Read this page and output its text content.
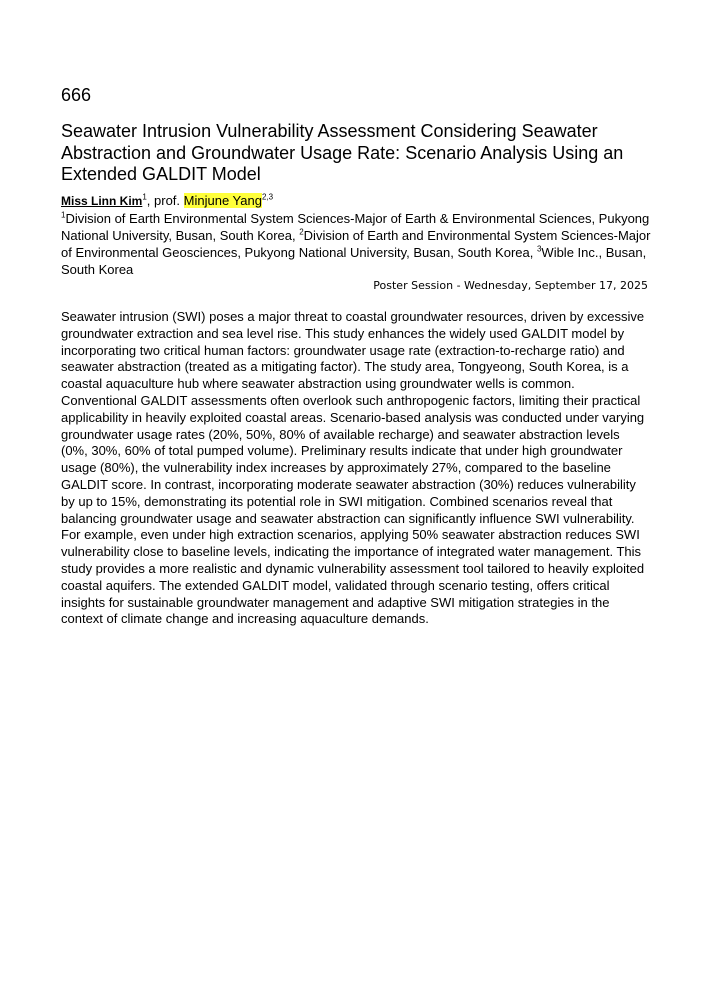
666
Seawater Intrusion Vulnerability Assessment Considering Seawater Abstraction and Groundwater Usage Rate: Scenario Analysis Using an Extended GALDIT Model
Miss Linn Kim$^1$, prof. Minjune Yang$^{2,3}$
$^1$Division of Earth Environmental System Sciences-Major of Earth & Environmental Sciences, Pukyong National University, Busan, South Korea, $^2$Division of Earth and Environmental System Sciences-Major of Environmental Geosciences, Pukyong National University, Busan, South Korea, $^3$Wible Inc., Busan, South Korea
Poster Session - Wednesday, September 17, 2025

Seawater intrusion (SWI) poses a major threat to coastal groundwater resources, driven by excessive groundwater extraction and sea level rise. This study enhances the widely used GALDIT model by incorporating two critical human factors: groundwater usage rate (extraction-to-recharge ratio) and seawater abstraction (treated as a mitigating factor). The study area, Tongyeong, South Korea, is a coastal aquaculture hub where seawater abstraction using groundwater wells is common. Conventional GALDIT assessments often overlook such anthropogenic factors, limiting their practical applicability in heavily exploited coastal areas. Scenario-based analysis was conducted under varying groundwater usage rates (20%, 50%, 80% of available recharge) and seawater abstraction levels (0%, 30%, 60% of total pumped volume). Preliminary results indicate that under high groundwater usage (80%), the vulnerability index increases by approximately 27%, compared to the baseline GALDIT score. In contrast, incorporating moderate seawater abstraction (30%) reduces vulnerability by up to 15%, demonstrating its potential role in SWI mitigation. Combined scenarios reveal that balancing groundwater usage and seawater abstraction can significantly influence SWI vulnerability. For example, even under high extraction scenarios, applying 50% seawater abstraction reduces SWI vulnerability close to baseline levels, indicating the importance of integrated water management. This study provides a more realistic and dynamic vulnerability assessment tool tailored to heavily exploited coastal aquifers. The extended GALDIT model, validated through scenario testing, offers critical insights for sustainable groundwater management and adaptive SWI mitigation strategies in the context of climate change and increasing aquaculture demands.
